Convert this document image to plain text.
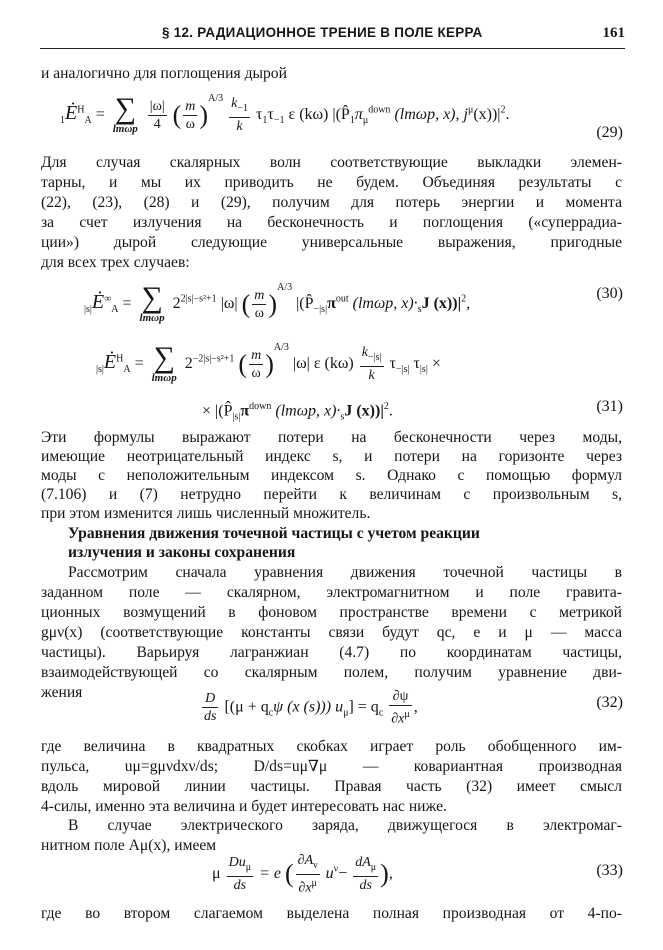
§ 12. РАДИАЦИОННОЕ ТРЕНИЕ В ПОЛЕ КЕРРА	161
и аналогично для поглощения дырой
$_1Ė^H_A$ = ∑
lmωp
$\frac{|\omega|}{4}$ ( $\frac{m}{\omega} )^{A/3} \frac{k_{-1}}{k} \tau_1\tau_{-1}$ ε (kω) $|(P̂_1\pi_\mu^{down}$ (lmωp, x), $j^\mu(x))|^2$.
(29)
Для случая скалярных волн соответствующие выкладки элемен-
тарны, и мы их приводить не будем. Объединяя результаты с
(22), (23), (28) и (29), получим для потерь энергии и момента
за счет излучения на бесконечность и поглощения («суперрадиа-
ции») дырой следующие универсальные выражения, пригодные
для всех трех случаев:
$_{|s|}Ė^\infty_A$ = ∑
lmωp
$2^{2|s|-s^2+1}$ |ω| ( $\frac{m}{\omega} )^{A/3}$ $|(P̂_{-|s|}\pi^{out}$ (lmωp, $x)\cdot_sJ$ $(x))|^2$,
(30)
$_{|s|}Ė^H_A$ = ∑
lmωp
$2^{-2|s|-s^2+1}$ ( $\frac{m}{\omega} )^{A/3}$ |ω| ε $(k\omega) \frac{k_{-|s|}}{k} \tau_{-|s|}$ $\tau_{|s|}$ ×
× $|(P̂_{|s|}\pi^{down}$ (lmωp, $x)\cdot_sJ$ $(x))|^2$.	(31)
Эти формулы выражают потери на бесконечности через моды,
имеющие неотрицательный индекс s, и потери на горизонте через
моды с неположительным индексом s. Однако с помощью формул
(7.106) и (7) нетрудно перейти к величинам с произвольным s,
при этом изменится лишь численный множитель.
Уравнения движения точечной частицы с учетом реакции
излучения и законы сохранения
Рассмотрим сначала уравнения движения точечной частицы в
заданном поле — скалярном, электромагнитном и поле гравита-
ционных возмущений в фоновом пространстве времени с метрикой
gμν(x) (соответствующие константы связи будут qc, e и μ — масса
частицы). Варьируя лагранжиан (4.7) по координатам частицы,
взаимодействующей со скалярным полем, получим уравнение дви-
жения	$\frac{D}{ds} [(\mu + q_c\psi$ (x (s))) $u_\mu] = q_c \frac{\partial\psi}{\partial x^\mu}$ ,	(32)
где величина в квадратных скобках играет роль обобщенного им-
пульса, uμ=gμνdxν/ds; D/ds=uμ∇μ — ковариантная производная
вдоль мировой линии частицы. Правая часть (32) имеет смысл
4-силы, именно эта величина и будет интересовать нас ниже.
В случае электрического заряда, движущегося в электромаг-
нитном поле Aμ(x), имеем
μ $\frac{Du_\mu}{ds} = e$ ( $\frac{\partial A_\nu}{\partial x^\mu} u^\nu- \frac{dA_\mu}{ds}$ ),	(33)
где во втором слагаемом выделена полная производная от 4-по-
